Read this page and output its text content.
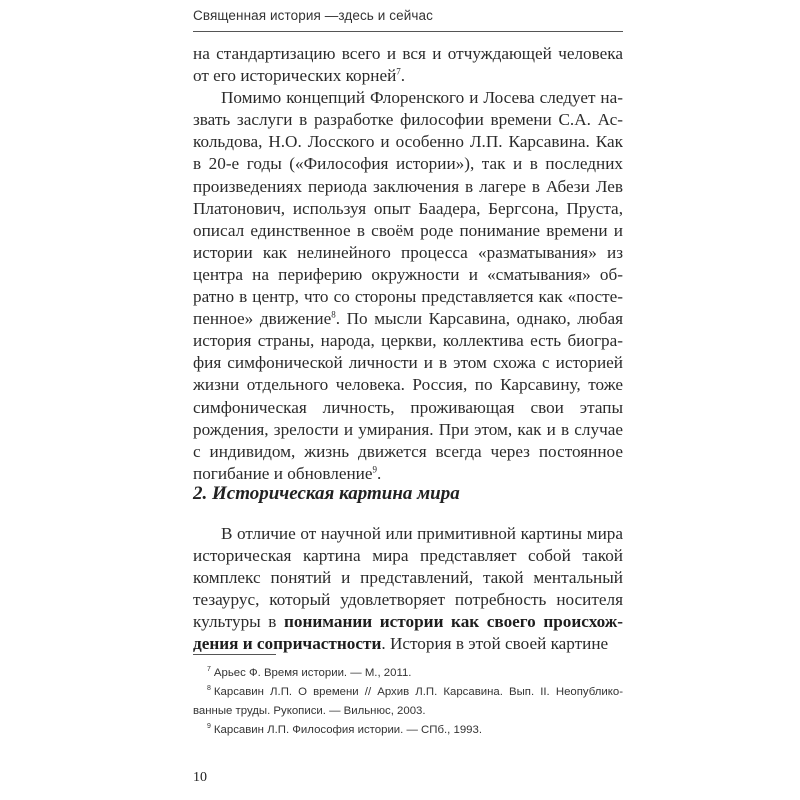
Священная история —здесь и сейчас

на стандартизацию всего и вся и отчуждающей человека от его исторических корней$^7$.

Помимо концепций Флоренского и Лосева следует назвать заслуги в разработке философии времени С.А. Аскольдова, Н.О. Лосского и особенно Л.П. Карсавина. Как в 20-е годы («Философия истории»), так и в последних произведениях периода заключения в лагере в Абези Лев Платонович, используя опыт Баадера, Бергсона, Пруста, описал единственное в своём роде понимание времени и истории как нелинейного процесса «разматывания» из центра на периферию окружности и «сматывания» обратно в центр, что со стороны представляется как «постепенное» движение$^8$. По мысли Карсавина, однако, любая история страны, народа, церкви, коллектива есть биография симфонической личности и в этом схожа с историей жизни отдельного человека. Россия, по Карсавину, тоже симфоническая личность, проживающая свои этапы рождения, зрелости и умирания. При этом, как и в случае с индивидом, жизнь движется всегда через постоянное погибание и обновление$^9$.

2. Историческая картина мира

В отличие от научной или примитивной картины мира историческая картина мира представляет собой такой комплекс понятий и представлений, такой ментальный тезаурус, который удовлетворяет потребность носителя культуры в понимании истории как своего происхождения и сопричастности. История в этой своей картине

$^7$ Арьес Ф. Время истории. — М., 2011.

$^8$ Карсавин Л.П. О времени // Архив Л.П. Карсавина. Вып. II. Неопубликованные труды. Рукописи. — Вильнюс, 2003.

$^9$ Карсавин Л.П. Философия истории. — СПб., 1993.

10
